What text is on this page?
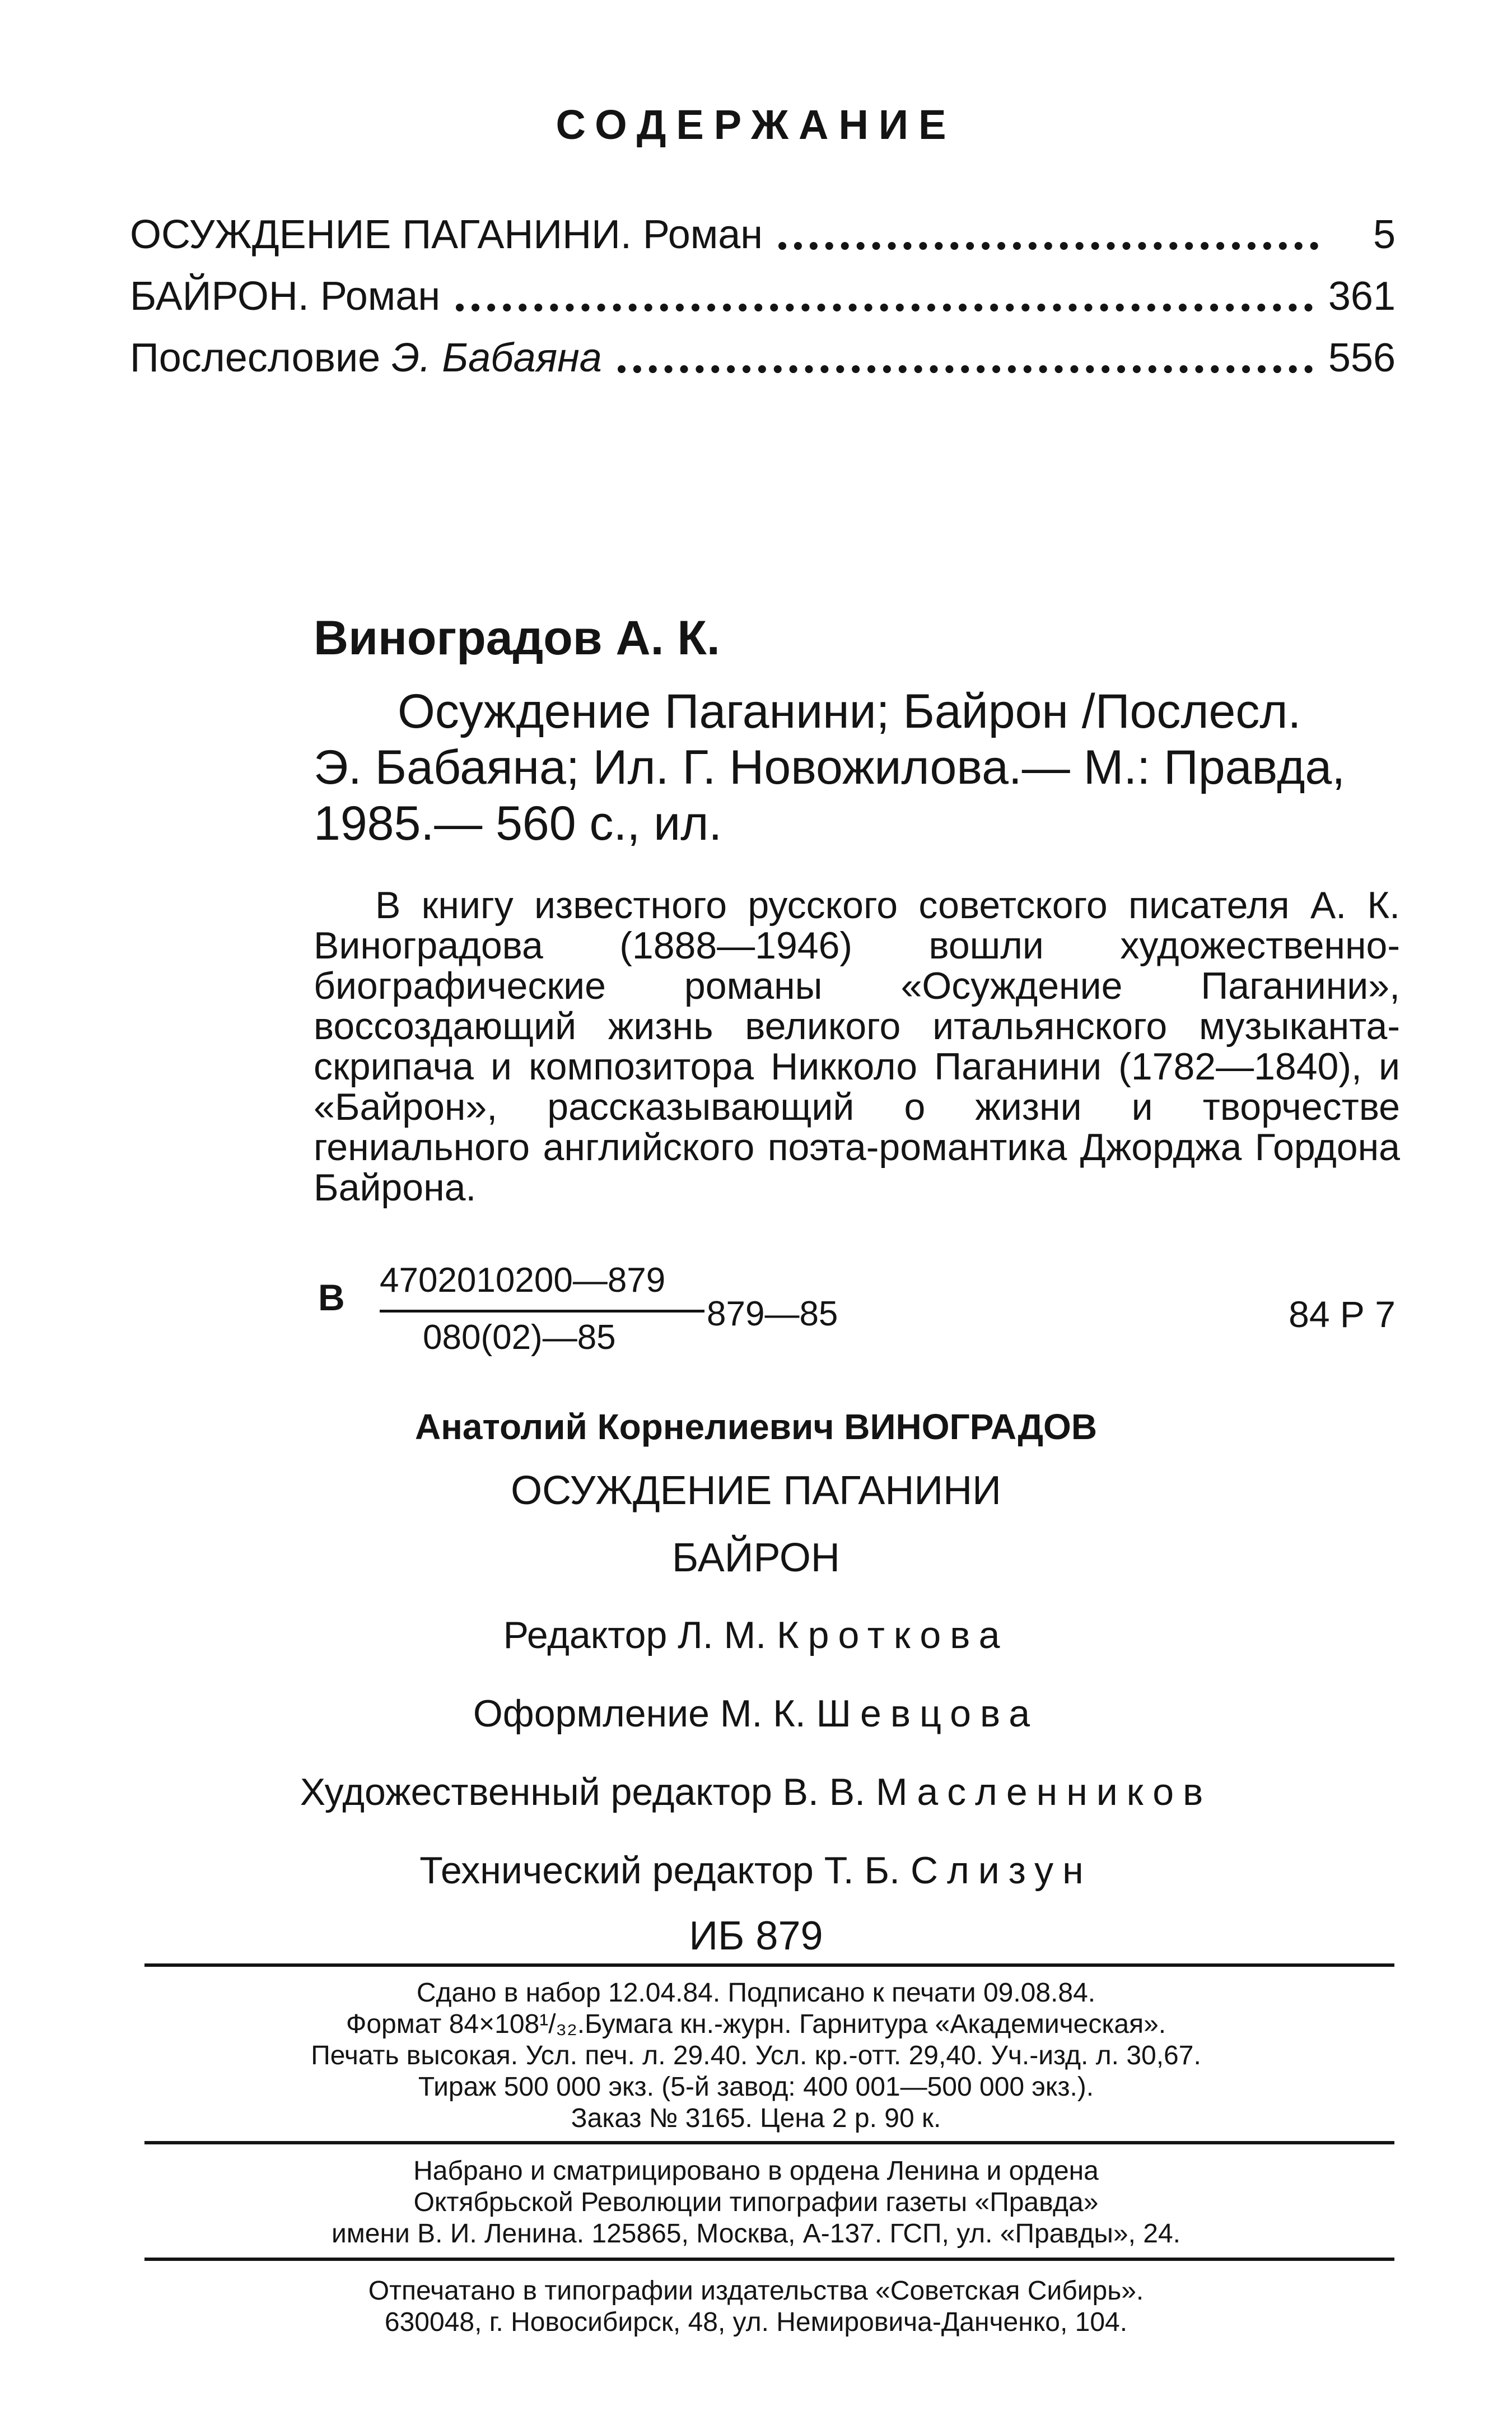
СОДЕРЖАНИЕ
ОСУЖДЕНИЕ ПАГАНИНИ. Роман	5
БАЙРОН. Роман	361
Послесловие Э. Бабаяна	556
Виноградов А. К.
Осуждение Паганини; Байрон /Послесл.
Э. Бабаяна; Ил. Г. Новожилова.— М.: Правда,
1985.— 560 с., ил.
В книгу известного русского советского писателя А. К. Виноградова (1888—1946) вошли художественно-биографические романы «Осуждение Паганини», воссоздающий жизнь великого итальянского музыканта-скрипача и композитора Никколо Паганини (1782—1840), и «Байрон», рассказывающий о жизни и творчестве гениального английского поэта-романтика Джорджа Гордона Байрона.
В 4702010200—879
080(02)—85
879—85	84 Р 7
Анатолий Корнелиевич ВИНОГРАДОВ
ОСУЖДЕНИЕ ПАГАНИНИ
БАЙРОН
Редактор Л. М. Кроткова
Оформление М. К. Шевцова
Художественный редактор В. В. Масленников
Технический редактор Т. Б. Слизун
ИБ 879
Сдано в набор 12.04.84. Подписано к печати 09.08.84.
Формат 84×108¹/₃₂.Бумага кн.-журн. Гарнитура «Академическая».
Печать высокая. Усл. печ. л. 29.40. Усл. кр.-отт. 29,40. Уч.-изд. л. 30,67.
Тираж 500 000 экз. (5-й завод: 400 001—500 000 экз.).
Заказ № 3165. Цена 2 р. 90 к.
Набрано и сматрицировано в ордена Ленина и ордена
Октябрьской Революции типографии газеты «Правда»
имени В. И. Ленина. 125865, Москва, А-137. ГСП, ул. «Правды», 24.
Отпечатано в типографии издательства «Советская Сибирь».
630048, г. Новосибирск, 48, ул. Немировича-Данченко, 104.
